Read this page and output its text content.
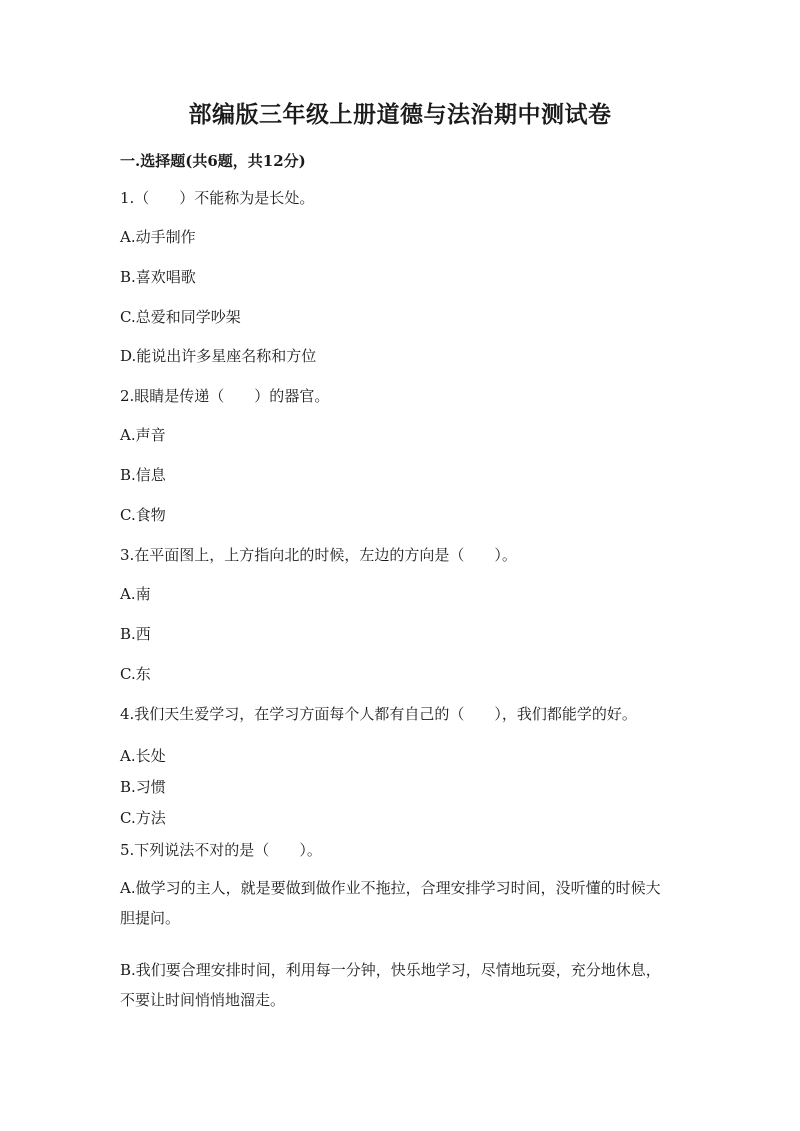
部编版三年级上册道德与法治期中测试卷
一.选择题(共6题，共12分)
1.（　　）不能称为是长处。
A.动手制作
B.喜欢唱歌
C.总爱和同学吵架
D.能说出许多星座名称和方位
2.眼睛是传递（　　）的器官。
A.声音
B.信息
C.食物
3.在平面图上，上方指向北的时候，左边的方向是（　　）。
A.南
B.西
C.东
4.我们天生爱学习，在学习方面每个人都有自己的（　　），我们都能学的好。
A.长处
B.习惯
C.方法
5.下列说法不对的是（　　）。
A.做学习的主人，就是要做到做作业不拖拉，合理安排学习时间，没听懂的时候大胆提问。
B.我们要合理安排时间，利用每一分钟，快乐地学习，尽情地玩耍，充分地休息，不要让时间悄悄地溜走。
